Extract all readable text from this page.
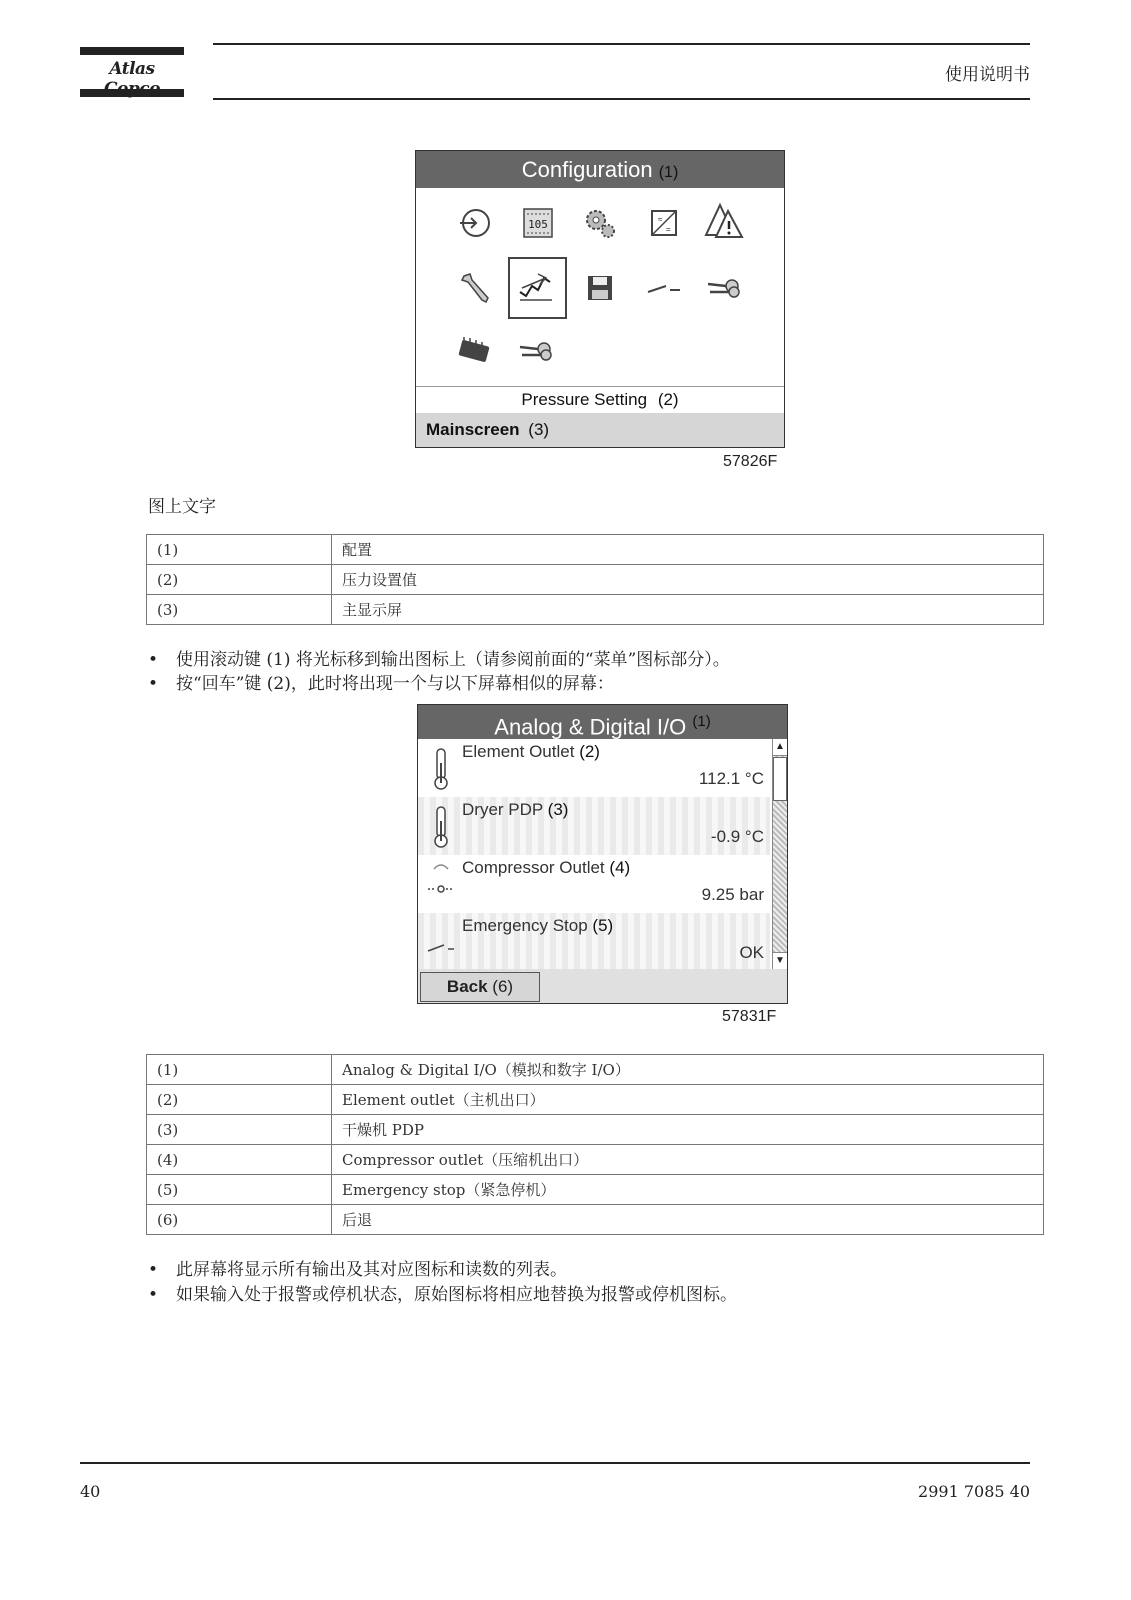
Atlas	使用说明书
Configuration (1)
105	≈
=
Pressure Setting (2)
Mainscreen (3)
57826F
图上文字
(1)	配置
(2)	压力设置值
(3)	主显示屏
• 使用滚动键 (1) 将光标移到输出图标上（请参阅前面的“菜单”图标部分）。
• 按“回车”键 (2)，此时将出现一个与以下屏幕相似的屏幕：
Analog & Digital I/O $^{(1)}$
Element Outlet (2)
112.1 °C
Dryer PDP (3)
-0.9 °C
Compressor Outlet (4)
9.25 bar
Emergency Stop (5)
OK
▲
▼
Back (6)
57831F
(1)	Analog & Digital I/O（模拟和数字 I/O）
(2)	Element outlet（主机出口）
(3)	干燥机 PDP
(4)	Compressor outlet（压缩机出口）
(5)	Emergency stop（紧急停机）
(6)	后退
• 此屏幕将显示所有输出及其对应图标和读数的列表。
• 如果输入处于报警或停机状态，原始图标将相应地替换为报警或停机图标。
40	2991 7085 40
